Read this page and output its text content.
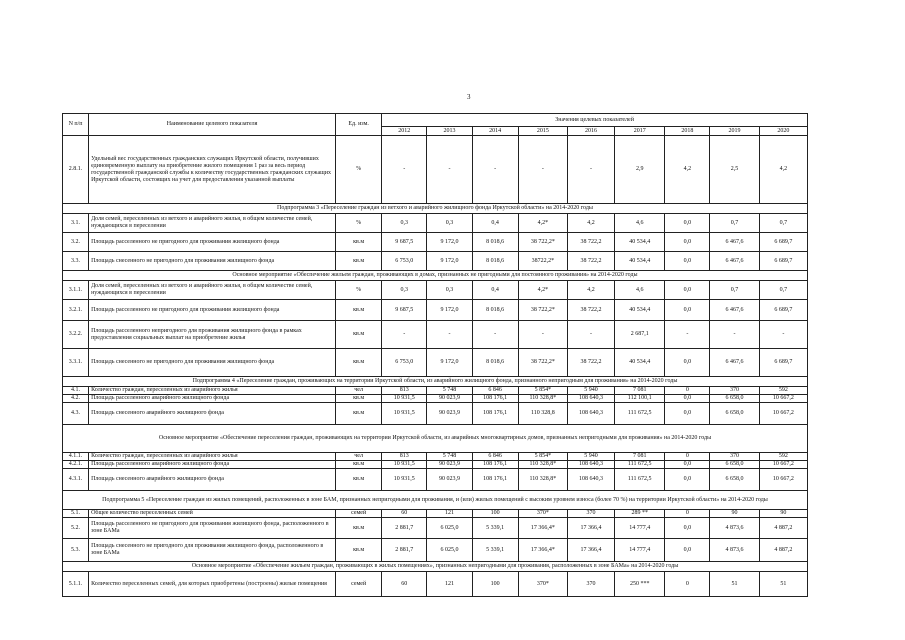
3
N п/п	Наименование целевого показателя	Ед. изм.	Значения целевых показателей								
			2012	2013	2014	2015	2016	2017	2018	2019	2020
2.8.1.	Удельный вес государственных гражданских служащих Иркутской области, получивших единовременную выплату на приобретение жилого помещения 1 раз за весь период государственной гражданской службы к количеству государственных гражданских служащих Иркутской области, состоящих на учет для предоставления указанной выплаты	%	-	-	-	-	-	2,9	4,2	2,5	4,2
Подпрограмма 3 «Переселение граждан из ветхого и аварийного жилищного фонда Иркутской области» на 2014-2020 годы											
3.1.	Доля семей, переселенных из ветхого и аварийного жилья, в общем количестве семей, нуждающихся в переселении	%	0,3	0,3	0,4	4,2*	4,2	4,6	0,0	0,7	0,7
3.2.	Площадь расселенного не пригодного для проживания жилищного фонда	кв.м	9 687,5	9 172,0	8 018,6	38 722,2*	38 722,2	40 534,4	0,0	6 467,6	6 689,7
3.3.	Площадь снесенного не пригодного для проживания жилищного фонда	кв.м	6 753,0	9 172,0	8 018,6	38722,2*	38 722,2	40 534,4	0,0	6 467,6	6 689,7
Основное мероприятие «Обеспечение жильем граждан, проживающих в домах, признанных не пригодными для постоянного проживания» на 2014-2020 годы											
3.1.1.	Доля семей, переселенных из ветхого и аварийного жилья, в общем количестве семей, нуждающихся в переселении	%	0,3	0,3	0,4	4,2*	4,2	4,6	0,0	0,7	0,7
3.2.1.	Площадь расселенного не пригодного для проживания жилищного фонда	кв.м	9 687,5	9 172,0	8 018,6	38 722,2*	38 722,2	40 534,4	0,0	6 467,6	6 689,7
3.2.2.	Площадь расселенного непригодного для проживания жилищного фонда в рамках предоставления социальных выплат на приобретение жилья	кв.м	-	-	-	-	-	2 687,1	-	-	-
3.3.1.	Площадь снесенного не пригодного для проживания жилищного фонда	кв.м	6 753,0	9 172,0	8 018,6	38 722,2*	38 722,2	40 534,4	0,0	6 467,6	6 689,7
Подпрограмма 4 «Переселение граждан, проживающих на территории Иркутской области, из аварийного жилищного фонда, признанного непригодным для проживания» на 2014-2020 годы											
4.1.	Количество граждан, переселенных из аварийного жилья	чел	813	5 748	6 846	5 854*	5 940	7 081	0	370	592
4.2.	Площадь расселенного аварийного жилищного фонда	кв.м	10 931,5	90 023,9	108 176,1	110 328,8*	108 640,3	112 100,1	0,0	6 658,0	10 667,2
4.3.	Площадь снесенного аварийного жилищного фонда	кв.м	10 931,5	90 023,9	108 176,1	110 328,8	108 640,3	111 672,5	0,0	6 658,0	10 667,2
Основное мероприятие «Обеспечение переселения граждан, проживающих на территории Иркутской области, из аварийных многоквартирных домов, признанных непригодными для проживания» на 2014-2020 годы											
4.1.1.	Количество граждан, переселенных из аварийного жилья	чел	813	5 748	6 846	5 854*	5 940	7 081	0	370	592
4.2.1.	Площадь расселенного аварийного жилищного фонда	кв.м	10 931,5	90 023,9	108 176,1	110 328,8*	108 640,3	111 672,5	0,0	6 658,0	10 667,2
4.3.1.	Площадь снесенного аварийного жилищного фонда	кв.м	10 931,5	90 023,9	108 176,1	110 328,8*	108 640,3	111 672,5	0,0	6 658,0	10 667,2
Подпрограмма 5 «Переселение граждан из жилых помещений, расположенных в зоне БАМ, признанных непригодными для проживания, и (или) жилых помещений с высоким уровнем износа (более 70 %) на территории Иркутской области» на 2014-2020 годы											
5.1.	Общее количество переселенных семей	семей	60	121	100	370*	370	289 **	0	90	90
5.2.	Площадь расселенного не пригодного для проживания жилищного фонда, расположенного в зоне БАМа	кв.м	2 881,7	6 025,0	5 339,1	17 366,4*	17 366,4	14 777,4	0,0	4 873,6	4 887,2
5.3.	Площадь снесенного не пригодного для проживания жилищного фонда, расположенного в зоне БАМа	кв.м	2 881,7	6 025,0	5 339,1	17 366,4*	17 366,4	14 777,4	0,0	4 873,6	4 887,2
Основное мероприятие «Обеспечение жильем граждан, проживающих в жилых помещениях», признанных непригодными для проживания, расположенных в зоне БАМа» на 2014-2020 годы											
5.1.1.	Количество переселенных семей, для которых приобретены (построены) жилые помещения	семей	60	121	100	370*	370	250 ***	0	51	51
